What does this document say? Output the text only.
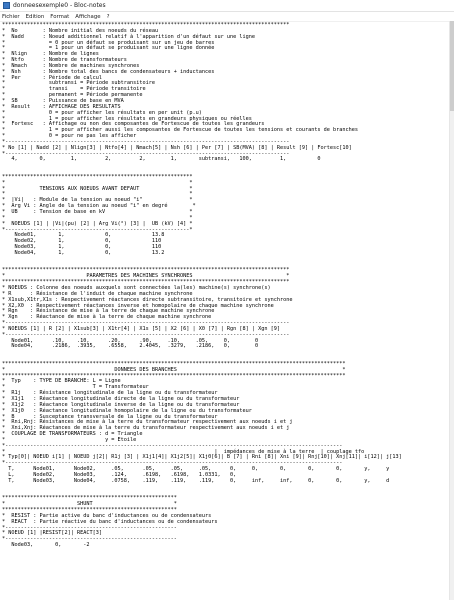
donneesexemple0 - Bloc-notes
Fichier Edition Format Affichage ?
********************************************************************************************
*  No        : Nombre initial des noeuds du réseau
*  Nadd      : Noeud additionnel relatif à l'apparition d'un défaut sur une ligne
*              = 0 pour un défaut se produisant sur un jeu de barres
*              = 1 pour un défaut se produisant sur une ligne donnée
*  Nlign     : Nombre de lignes
*  Ntfo      : Nombre de transformateurs
*  Nmach     : Nombre de machines synchrones
*  Nsh       : Nombre total des bancs de condensateurs + inductances
*  Per       : Période de calcul
*              subtransi = Période subtransitoire
*              transi    = Période transitoire
*              permanent = Période permanente
*  SB        : Puissance de base en MVA
*  Result    : AFFICHAGE DES RESULTATS
*              0 = pour afficher les résultats en per unit (p.u)
*              1 = pour afficher les résultats en grandeurs physiques ou réelles
*  Fortesc   : Affichage ou non des composantes de Fortescue de toutes les grandeurs
*              1 = pour afficher aussi les composantes de Fortescue de toutes les tensions et courants de branches
*              0 = pour ne pas les afficher
*-------------------------------------------------------------------------------------------
* No [1] | Nadd [2] | Nlign[3] | Ntfo[4] | Nmach[5] | Nsh [6] | Per [7] | SB(MVA) [8] | Result [9] | Fortesc[10]
*-------------------------------------------------------------------------------------------
4,       0,        1,         2,         2,        1,       subtransi,   100,         1,          0

*************************************************************
*                                                           *
*           TENSIONS AUX NOEUDS AVANT DEFAUT                *
*                                                           *
*  |Vi|   : Module de la tension au noeud "i"               *
*  Arg Vi : Angle de la tension au noeud "i" en degré        *
*  UB     : Tension de base en kV                           *
*                                                           *
*  NOEUDS [1] | |Vi|(pu) [2] | Arg Vi(°) [3] |  UB (kV) [4] *
*-----------------------------------------------------------*
Node01,       1,             0,             13.8
Node02,       1,             0,             110
Node03,       1,             0,             110
Node04,       1,             0,             13.2

********************************************************************************************
*                          PARAMETRES DES MACHINES SYNCHRONES                              *
********************************************************************************************
* NOEUDS : Colonne des noeuds auxquels sont connectées la(les) machine(s) synchrone(s)
* R      : Résistance de l'induit de chaque machine synchrone
* X1sub,X1tr,X1s : Respectivement réactances directe subtransitoire, transitoire et synchrone
* X2,X0  : Respectivement réactances inverse et homopolaire de chaque machine synchrone
* Rgn    : Résistance de mise à la terre de chaque machine synchrone
* Xgn    : Réactance de mise à la terre de chaque machine synchrone
*-------------------------------------------------------------------------------------------
* NOEUDS [1] | R [2] | X1sub[3] | X1tr[4] | X1s [5] | X2 [6] | X0 [7] | Rgn [8] | Xgn [9]
*-------------------------------------------------------------------------------------------
Node01,      .10,    .10,      .20,      .90,     .10,     .05,     0,        0
Node04,      .2186,  .3935,    .6558,    2.4045,  .3279,   .2186,   0,        0

**************************************************************************************************************
*                                   DONNEES DES BRANCHES                                                     *
**************************************************************************************************************
*  Typ    : TYPE DE BRANCHE: L = Ligne
*                            T = Transformateur
*  R1j    : Résistance longitudinale de la ligne ou du transformateur
*  X1j1   : Réactance longitudinale directe de la ligne ou du transformateur
*  X1j2   : Réactance longitudinale inverse de la ligne ou du transformateur
*  X1j0   : Réactance longitudinale homopolaire de la ligne ou du transformateur
*  B      : Susceptance transversale de la ligne ou du transformateur
*  Rni,Rnj: Résistances de mise à la terre du transformateur respectivement aux noeuds i et j
*  Xni,Xnj: Réactances de mise à la terre du transformateur respectivement aux noeuds i et j
*  COUPLAGE DE TRANSFORMATEURS : d = Triangle
*                                y = Etoile
*------------------------------------------------------------------------------------------------------------
*                                                                   |  impédances de mise à la terre  | couplage tfo
* Typ[0]| NOEUD i[1] | NOEUD j[2]| R1j [3] | X1j1[4]| X1j2[5]| X1j0[6]| B [7] | Rni [8]| Xni [9]| Rnj[10]| Xnj[11]| i[12]| j[13]
*------------------------------------------------------------------------------------------------------------
T,      Node01,      Node02,     .05,      .05,     .05,     .05,      0,     0,       0,       0,       0,       y,     y
L,      Node02,      Node03,     .124,     .6198,   .6198,   1.0331,   0,
T,      Node03,      Node04,     .0758,    .119,    .119,    .119,     0,     inf,     inf,     0,       0,       y,     d

********************************************************
*                       SHUNT                          *
********************************************************
*  RESIST : Partie active du banc d'inductances ou de condensateurs
*  REACT  : Partie réactive du banc d'inductances ou de condensateurs
*-------------------------------------------------------
* NOEUD [1] |RESIST[2]| REACT[3]
*-------------------------------------------------------
Node03,       0,       -2
